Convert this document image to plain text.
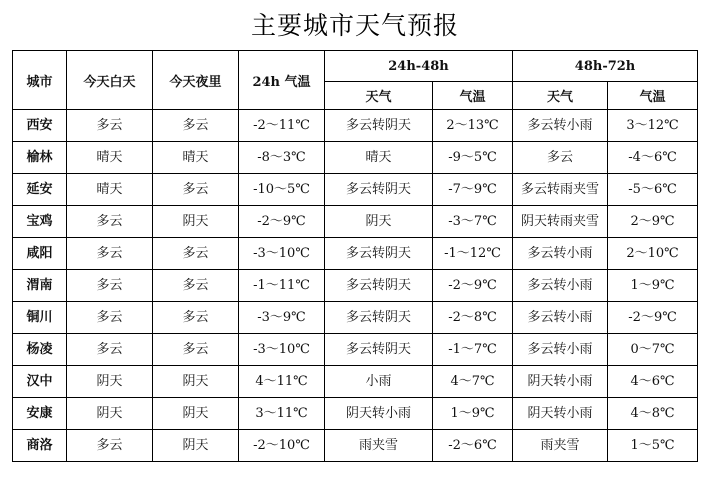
主要城市天气预报
城市	今天白天	今天夜里	24h 气温	24h-48h		48h-72h	
				天气	气温	天气	气温

西安	多云	多云	-2～11℃	多云转阴天	2～13℃	多云转小雨	3～12℃

榆林	晴天	晴天	-8～3℃	晴天	-9～5℃	多云	-4～6℃

延安	晴天	多云	-10～5℃	多云转阴天	-7～9℃	多云转雨夹雪	-5～6℃

宝鸡	多云	阴天	-2～9℃	阴天	-3～7℃	阴天转雨夹雪	2～9℃

咸阳	多云	多云	-3～10℃	多云转阴天	-1～12℃	多云转小雨	2～10℃

渭南	多云	多云	-1～11℃	多云转阴天	-2～9℃	多云转小雨	1～9℃

铜川	多云	多云	-3～9℃	多云转阴天	-2～8℃	多云转小雨	-2～9℃

杨凌	多云	多云	-3～10℃	多云转阴天	-1～7℃	多云转小雨	0～7℃

汉中	阴天	阴天	4～11℃	小雨	4～7℃	阴天转小雨	4～6℃

安康	阴天	阴天	3～11℃	阴天转小雨	1～9℃	阴天转小雨	4～8℃

商洛	多云	阴天	-2～10℃	雨夹雪	-2～6℃	雨夹雪	1～5℃
